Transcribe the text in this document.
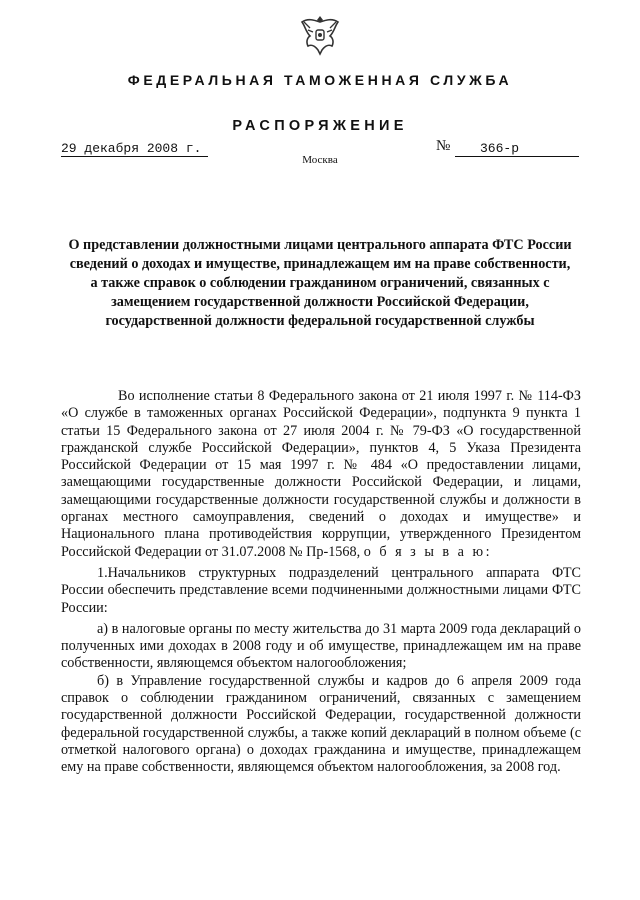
ФЕДЕРАЛЬНАЯ ТАМОЖЕННАЯ СЛУЖБА
РАСПОРЯЖЕНИЕ
29 декабря 2008 г.	№	366-р
Москва
О представлении должностными лицами центрального аппарата ФТС России
сведений о доходах и имуществе, принадлежащем им на праве собственности,
а также справок о соблюдении гражданином ограничений, связанных с
замещением государственной должности Российской Федерации,
государственной должности федеральной государственной службы

Во исполнение статьи 8 Федерального закона от 21 июля 1997 г. № 114-ФЗ «О службе в таможенных органах Российской Федерации», подпункта 9 пункта 1 статьи 15 Федерального закона от 27 июля 2004 г. № 79-ФЗ «О государственной гражданской службе Российской Федерации», пунктов 4, 5 Указа Президента Российской Федерации от 15 мая 1997 г. № 484 «О предоставлении лицами, замещающими государственные должности Российской Федерации, и лицами, замещающими государственные должности государственной службы и должности в органах местного самоуправления, сведений о доходах и имуществе» и Национального плана противодействия коррупции, утвержденного Президентом Российской Федерации от 31.07.2008 № Пр-1568, о б я з ы в а ю:

1.Начальников структурных подразделений центрального аппарата ФТС России обеспечить представление всеми подчиненными должностными лицами ФТС России:

а) в налоговые органы по месту жительства до 31 марта 2009 года деклараций о полученных ими доходах в 2008 году и об имуществе, принадлежащем им на праве собственности, являющемся объектом налогообложения;

б) в Управление государственной службы и кадров до 6 апреля 2009 года справок о соблюдении гражданином ограничений, связанных с замещением государственной должности Российской Федерации, государственной должности федеральной государственной службы, а также копий деклараций в полном объеме (с отметкой налогового органа) о доходах гражданина и имуществе, принадлежащем ему на праве собственности, являющемся объектом налогообложения, за 2008 год.
